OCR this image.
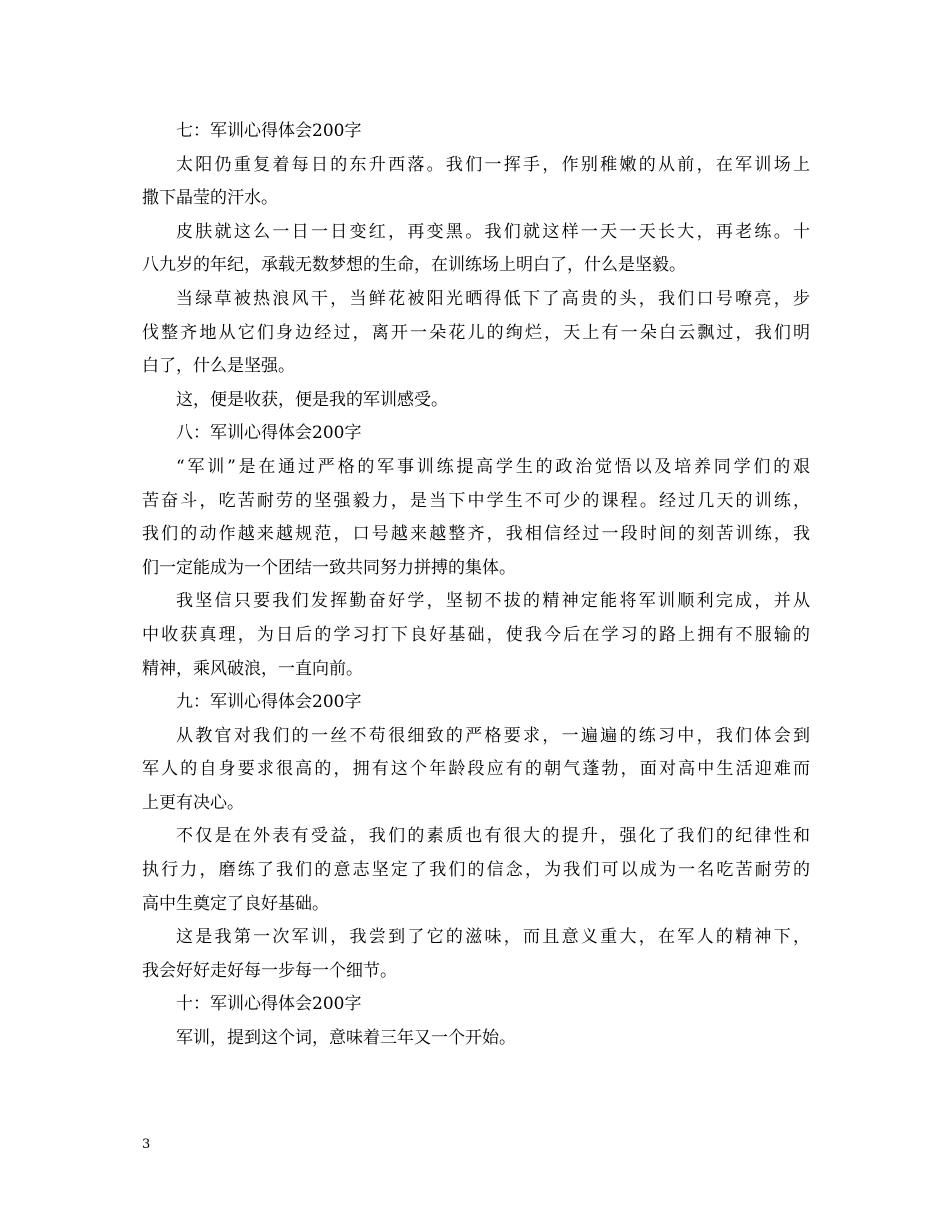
七：军训心得体会200字
太阳仍重复着每日的东升西落。我们一挥手，作别稚嫩的从前，在军训场上
撒下晶莹的汗水。
皮肤就这么一日一日变红，再变黑。我们就这样一天一天长大，再老练。十
八九岁的年纪，承载无数梦想的生命，在训练场上明白了，什么是坚毅。
当绿草被热浪风干，当鲜花被阳光晒得低下了高贵的头，我们口号嘹亮，步
伐整齐地从它们身边经过，离开一朵花儿的绚烂，天上有一朵白云飘过，我们明
白了，什么是坚强。
这，便是收获，便是我的军训感受。
八：军训心得体会200字
“军训”是在通过严格的军事训练提高学生的政治觉悟以及培养同学们的艰
苦奋斗，吃苦耐劳的坚强毅力，是当下中学生不可少的课程。经过几天的训练，
我们的动作越来越规范，口号越来越整齐，我相信经过一段时间的刻苦训练，我
们一定能成为一个团结一致共同努力拼搏的集体。
我坚信只要我们发挥勤奋好学，坚韧不拔的精神定能将军训顺利完成，并从
中收获真理，为日后的学习打下良好基础，使我今后在学习的路上拥有不服输的
精神，乘风破浪，一直向前。
九：军训心得体会200字
从教官对我们的一丝不苟很细致的严格要求，一遍遍的练习中，我们体会到
军人的自身要求很高的，拥有这个年龄段应有的朝气蓬勃，面对高中生活迎难而
上更有决心。
不仅是在外表有受益，我们的素质也有很大的提升，强化了我们的纪律性和
执行力，磨练了我们的意志坚定了我们的信念，为我们可以成为一名吃苦耐劳的
高中生奠定了良好基础。
这是我第一次军训，我尝到了它的滋味，而且意义重大，在军人的精神下，
我会好好走好每一步每一个细节。
十：军训心得体会200字
军训，提到这个词，意味着三年又一个开始。
3
